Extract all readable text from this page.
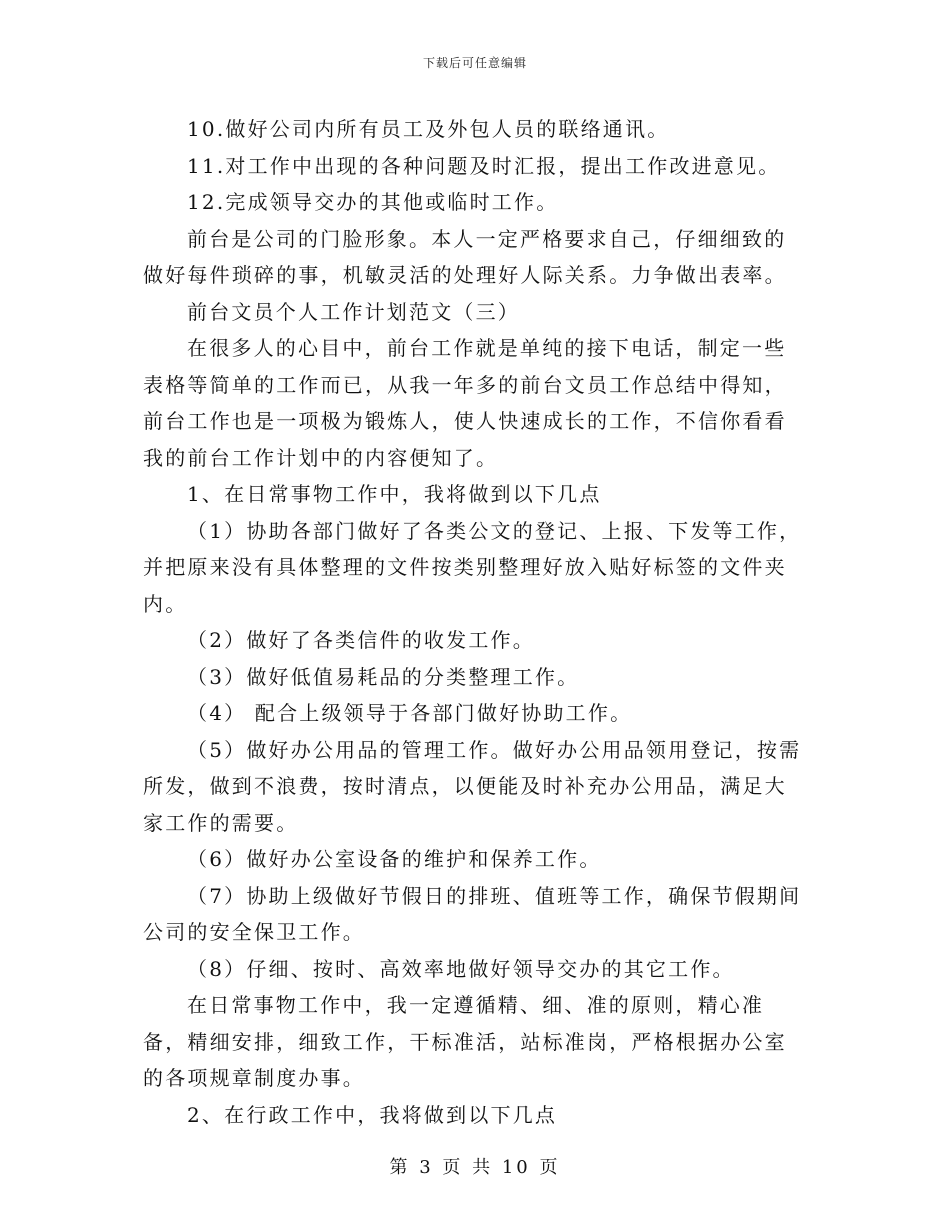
下载后可任意编辑

10.做好公司内所有员工及外包人员的联络通讯。

11.对工作中出现的各种问题及时汇报，提出工作改进意见。

12.完成领导交办的其他或临时工作。

前台是公司的门脸形象。本人一定严格要求自己，仔细细致的做好每件琐碎的事，机敏灵活的处理好人际关系。力争做出表率。

前台文员个人工作计划范文（三）

在很多人的心目中，前台工作就是单纯的接下电话，制定一些表格等简单的工作而已，从我一年多的前台文员工作总结中得知，前台工作也是一项极为锻炼人，使人快速成长的工作，不信你看看我的前台工作计划中的内容便知了。

1、在日常事物工作中，我将做到以下几点

（1）协助各部门做好了各类公文的登记、上报、下发等工作，并把原来没有具体整理的文件按类别整理好放入贴好标签的文件夹内。

（2）做好了各类信件的收发工作。

（3）做好低值易耗品的分类整理工作。

（4） 配合上级领导于各部门做好协助工作。

（5）做好办公用品的管理工作。做好办公用品领用登记，按需所发，做到不浪费，按时清点，以便能及时补充办公用品，满足大家工作的需要。

（6）做好办公室设备的维护和保养工作。

（7）协助上级做好节假日的排班、值班等工作，确保节假期间公司的安全保卫工作。

（8）仔细、按时、高效率地做好领导交办的其它工作。

在日常事物工作中，我一定遵循精、细、准的原则，精心准备，精细安排，细致工作，干标准活，站标准岗，严格根据办公室的各项规章制度办事。

2、在行政工作中，我将做到以下几点

第 3 页 共 10 页
